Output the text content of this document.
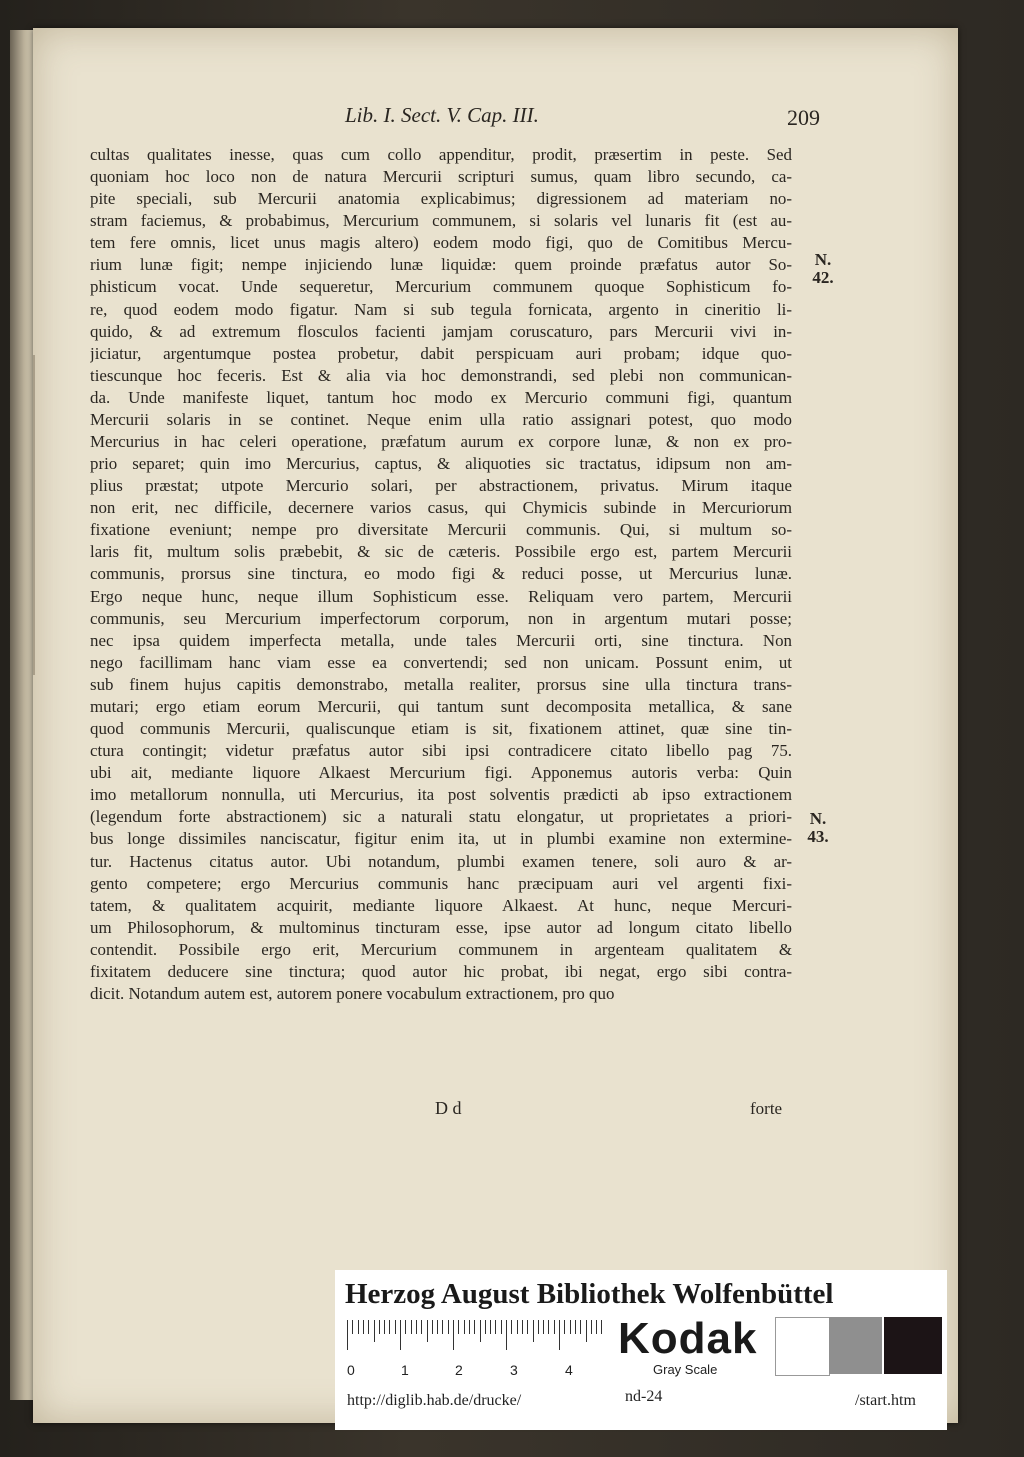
Lib. I. Sect. V. Cap. III.	209
cultas qualitates inesse, quas cum collo appenditur, prodit, præsertim in peste. Sed
quoniam hoc loco non de natura Mercurii scripturi sumus, quam libro secundo, ca-
pite speciali, sub Mercurii anatomia explicabimus; digressionem ad materiam no-
stram faciemus, & probabimus, Mercurium communem, si solaris vel lunaris fit (est au-
tem fere omnis, licet unus magis altero) eodem modo figi, quo de Comitibus Mercu-
rium lunæ figit; nempe injiciendo lunæ liquidæ: quem proinde præfatus autor So-
phisticum vocat. Unde sequeretur, Mercurium communem quoque Sophisticum fo-
re, quod eodem modo figatur. Nam si sub tegula fornicata, argento in cineritio li-
quido, & ad extremum flosculos facienti jamjam coruscaturo, pars Mercurii vivi in-
jiciatur, argentumque postea probetur, dabit perspicuam auri probam; idque quo-
tiescunque hoc feceris. Est & alia via hoc demonstrandi, sed plebi non communican-
da. Unde manifeste liquet, tantum hoc modo ex Mercurio communi figi, quantum
Mercurii solaris in se continet. Neque enim ulla ratio assignari potest, quo modo
Mercurius in hac celeri operatione, præfatum aurum ex corpore lunæ, & non ex pro-
prio separet; quin imo Mercurius, captus, & aliquoties sic tractatus, idipsum non am-
plius præstat; utpote Mercurio solari, per abstractionem, privatus. Mirum itaque
non erit, nec difficile, decernere varios casus, qui Chymicis subinde in Mercuriorum
fixatione eveniunt; nempe pro diversitate Mercurii communis. Qui, si multum so-
laris fit, multum solis præbebit, & sic de cæteris. Possibile ergo est, partem Mercurii
communis, prorsus sine tinctura, eo modo figi & reduci posse, ut Mercurius lunæ.
Ergo neque hunc, neque illum Sophisticum esse. Reliquam vero partem, Mercurii
communis, seu Mercurium imperfectorum corporum, non in argentum mutari posse;
nec ipsa quidem imperfecta metalla, unde tales Mercurii orti, sine tinctura. Non
nego facillimam hanc viam esse ea convertendi; sed non unicam. Possunt enim, ut
sub finem hujus capitis demonstrabo, metalla realiter, prorsus sine ulla tinctura trans-
mutari; ergo etiam eorum Mercurii, qui tantum sunt decomposita metallica, & sane
quod communis Mercurii, qualiscunque etiam is sit, fixationem attinet, quæ sine tin-
ctura contingit; videtur præfatus autor sibi ipsi contradicere citato libello pag 75.
ubi ait, mediante liquore Alkaest Mercurium figi. Apponemus autoris verba: Quin
imo metallorum nonnulla, uti Mercurius, ita post solventis prædicti ab ipso extractionem
(legendum forte abstractionem) sic a naturali statu elongatur, ut proprietates a priori-
bus longe dissimiles nanciscatur, figitur enim ita, ut in plumbi examine non extermine-
tur. Hactenus citatus autor. Ubi notandum, plumbi examen tenere, soli auro & ar-
gento competere; ergo Mercurius communis hanc præcipuam auri vel argenti fixi-
tatem, & qualitatem acquirit, mediante liquore Alkaest. At hunc, neque Mercuri-
um Philosophorum, & multominus tincturam esse, ipse autor ad longum citato libello
contendit. Possibile ergo erit, Mercurium communem in argenteam qualitatem &
fixitatem deducere sine tinctura; quod autor hic probat, ibi negat, ergo sibi contra-
dicit. Notandum autem est, autorem ponere vocabulum extractionem, pro quo
N. 42.
N. 43.
D d	forte
Herzog August Bibliothek Wolfenbüttel
0	1	2	3	4
Kodak
Gray Scale
http://diglib.hab.de/drucke/	nd-24	/start.htm
